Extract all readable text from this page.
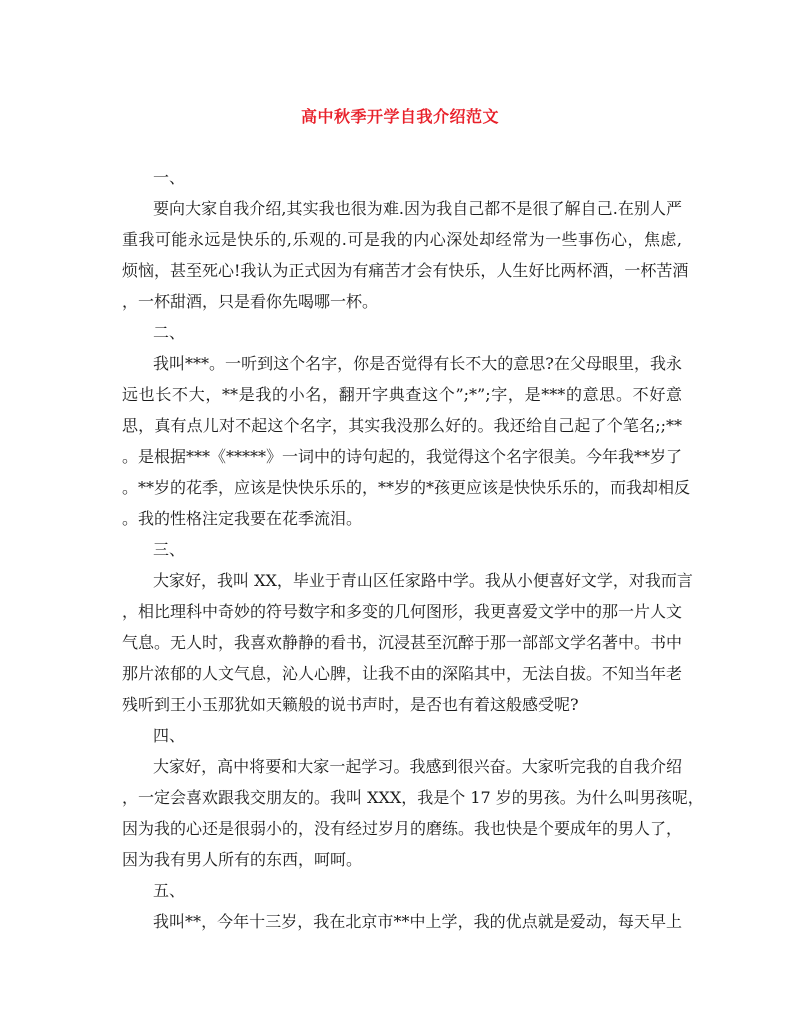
高中秋季开学自我介绍范文
一、
要向大家自我介绍,其实我也很为难.因为我自己都不是很了解自己.在别人严
重我可能永远是快乐的,乐观的.可是我的内心深处却经常为一些事伤心，焦虑,
烦恼，甚至死心!我认为正式因为有痛苦才会有快乐，人生好比两杯酒，一杯苦酒
，一杯甜酒，只是看你先喝哪一杯。
二、
我叫***。一听到这个名字，你是否觉得有长不大的意思?在父母眼里，我永
远也长不大，**是我的小名，翻开字典查这个”;*”;字，是***的意思。不好意
思，真有点儿对不起这个名字，其实我没那么好的。我还给自己起了个笔名;;**
。是根据***《*****》一词中的诗句起的，我觉得这个名字很美。今年我**岁了
。**岁的花季，应该是快快乐乐的，**岁的*孩更应该是快快乐乐的，而我却相反
。我的性格注定我要在花季流泪。
三、
大家好，我叫 XX，毕业于青山区任家路中学。我从小便喜好文学，对我而言
，相比理科中奇妙的符号数字和多变的几何图形，我更喜爱文学中的那一片人文
气息。无人时，我喜欢静静的看书，沉浸甚至沉醉于那一部部文学名著中。书中
那片浓郁的人文气息，沁人心脾，让我不由的深陷其中，无法自拔。不知当年老
残听到王小玉那犹如天籁般的说书声时，是否也有着这般感受呢?
四、
大家好，高中将要和大家一起学习。我感到很兴奋。大家听完我的自我介绍
，一定会喜欢跟我交朋友的。我叫 XXX，我是个 17 岁的男孩。为什么叫男孩呢，
因为我的心还是很弱小的，没有经过岁月的磨练。我也快是个要成年的男人了，
因为我有男人所有的东西，呵呵。
五、
我叫**，今年十三岁，我在北京市**中上学，我的优点就是爱动，每天早上
